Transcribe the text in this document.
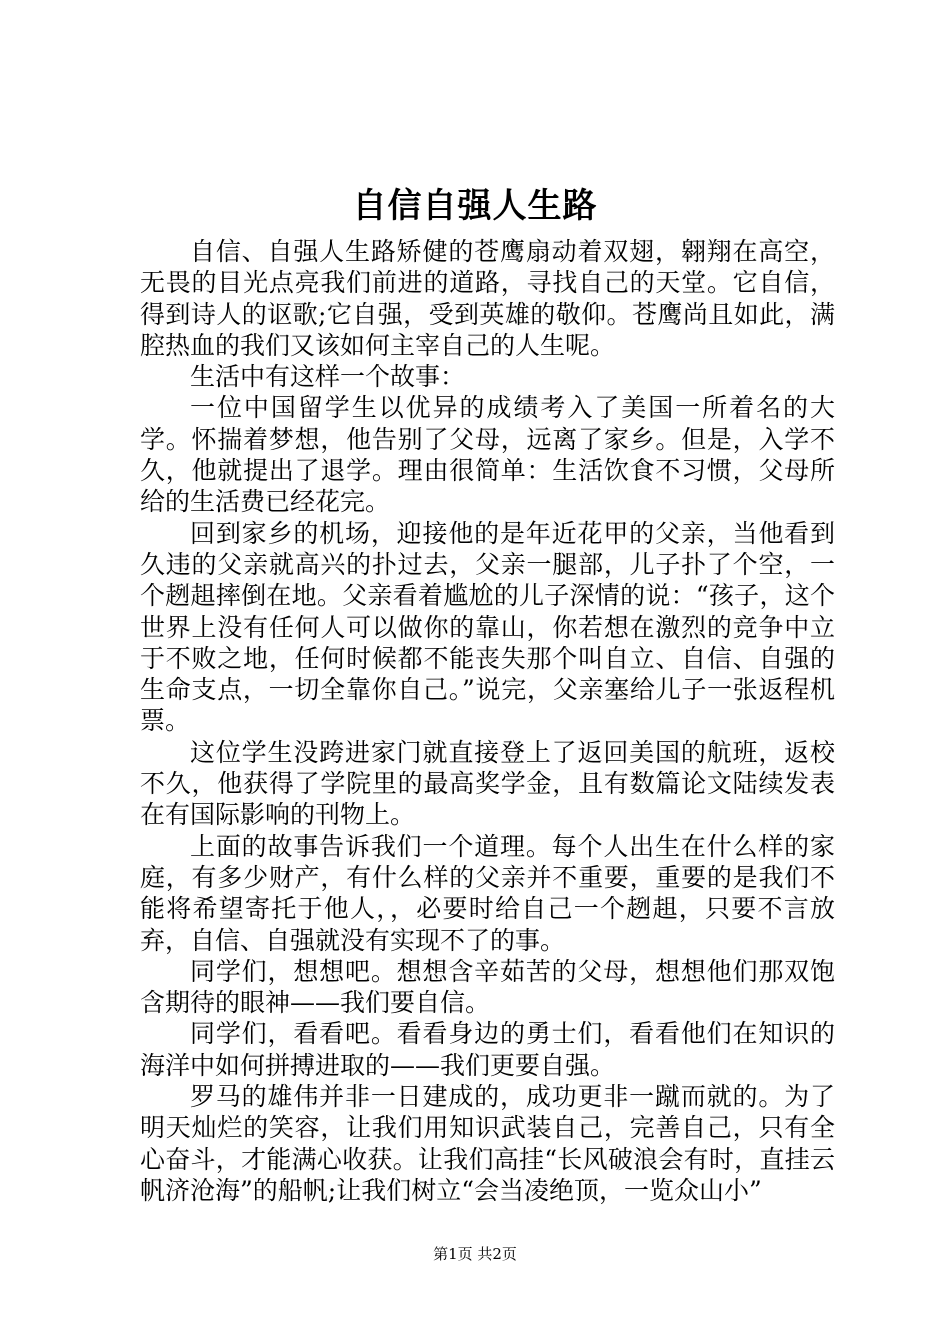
自信自强人生路

自信、自强人生路矫健的苍鹰扇动着双翅，翱翔在高空，无畏的目光点亮我们前进的道路，寻找自己的天堂。它自信，得到诗人的讴歌;它自强，受到英雄的敬仰。苍鹰尚且如此，满腔热血的我们又该如何主宰自己的人生呢。

生活中有这样一个故事：

一位中国留学生以优异的成绩考入了美国一所着名的大学。怀揣着梦想，他告别了父母，远离了家乡。但是，入学不久，他就提出了退学。理由很简单：生活饮食不习惯，父母所给的生活费已经花完。

回到家乡的机场，迎接他的是年近花甲的父亲，当他看到久违的父亲就高兴的扑过去，父亲一腿部，儿子扑了个空，一个趔趄摔倒在地。父亲看着尴尬的儿子深情的说：“孩子，这个世界上没有任何人可以做你的靠山，你若想在激烈的竞争中立于不败之地，任何时候都不能丧失那个叫自立、自信、自强的生命支点，一切全靠你自己。”说完，父亲塞给儿子一张返程机票。

这位学生没跨进家门就直接登上了返回美国的航班，返校不久，他获得了学院里的最高奖学金，且有数篇论文陆续发表在有国际影响的刊物上。

上面的故事告诉我们一个道理。每个人出生在什么样的家庭，有多少财产，有什么样的父亲并不重要，重要的是我们不能将希望寄托于他人，，必要时给自己一个趔趄，只要不言放弃，自信、自强就没有实现不了的事。

同学们，想想吧。想想含辛茹苦的父母，想想他们那双饱含期待的眼神——我们要自信。

同学们，看看吧。看看身边的勇士们，看看他们在知识的海洋中如何拼搏进取的——我们更要自强。

罗马的雄伟并非一日建成的，成功更非一蹴而就的。为了明天灿烂的笑容，让我们用知识武装自己，完善自己，只有全心奋斗，才能满心收获。让我们高挂“长风破浪会有时，直挂云帆济沧海”的船帆;让我们树立“会当凌绝顶，一览众山小”

第1页 共2页
